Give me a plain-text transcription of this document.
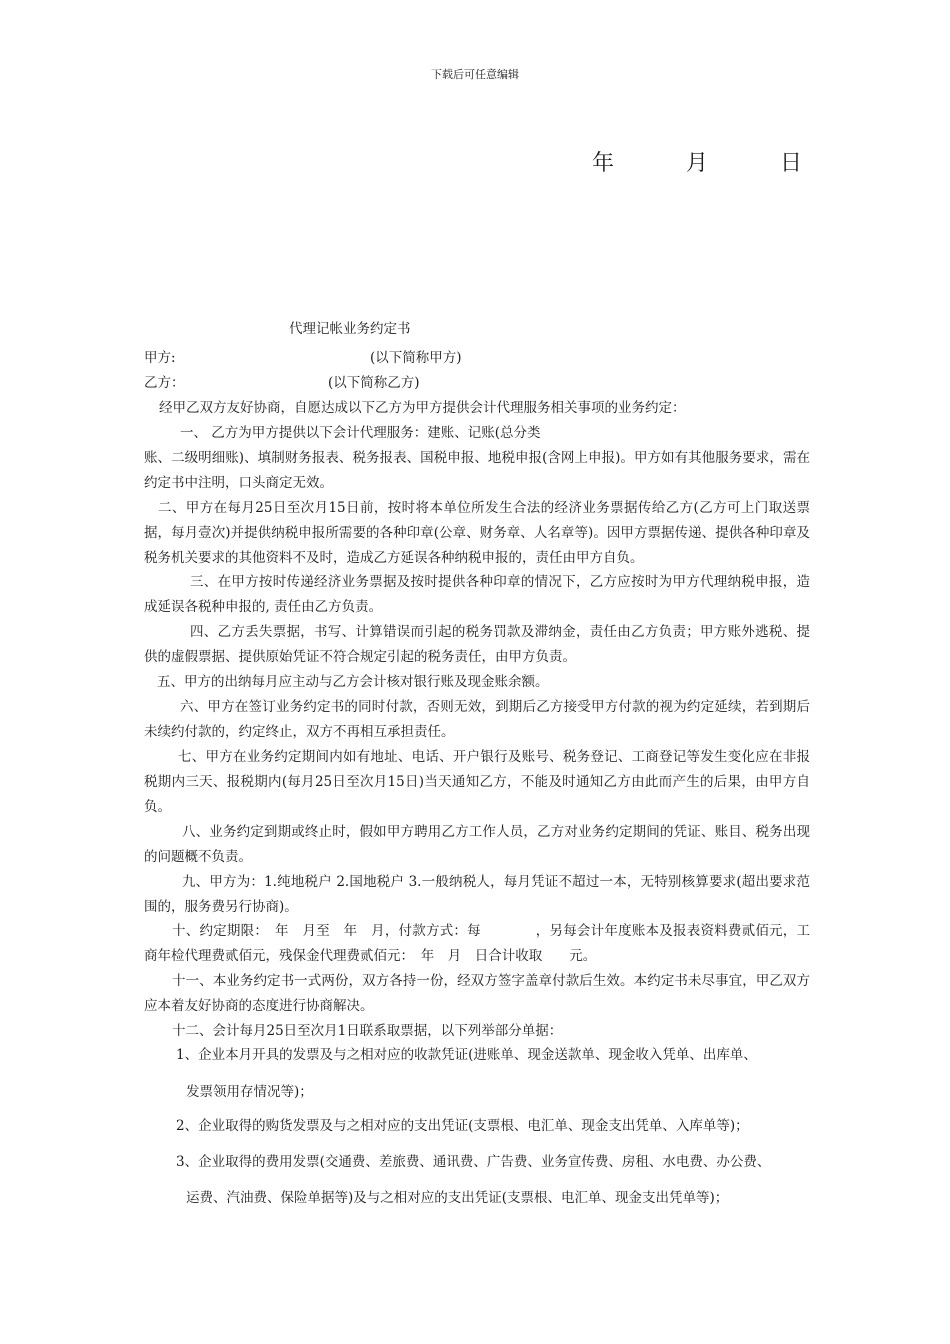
下载后可任意编辑
年	月	日
代理记帐业务约定书
甲方:	(以下简称甲方)
乙方：	(以下简称乙方)
经甲乙双方友好协商，自愿达成以下乙方为甲方提供会计代理服务相关事项的业务约定：
一、 乙方为甲方提供以下会计代理服务：建账、记账(总分类
账、二级明细账)、填制财务报表、税务报表、国税申报、地税申报(含网上申报)。甲方如有其他服务要求，需在约定书中注明，口头商定无效。
二、甲方在每月25日至次月15日前，按时将本单位所发生合法的经济业务票据传给乙方(乙方可上门取送票据，每月壹次)并提供纳税申报所需要的各种印章(公章、财务章、人名章等)。因甲方票据传递、提供各种印章及税务机关要求的其他资料不及时，造成乙方延误各种纳税申报的，责任由甲方自负。
三、在甲方按时传递经济业务票据及按时提供各种印章的情况下，乙方应按时为甲方代理纳税申报，造成延误各税种申报的, 责任由乙方负责。
四、乙方丢失票据，书写、计算错误而引起的税务罚款及滞纳金，责任由乙方负责；甲方账外逃税、提供的虚假票据、提供原始凭证不符合规定引起的税务责任，由甲方负责。
五、甲方的出纳每月应主动与乙方会计核对银行账及现金账余额。
六、甲方在签订业务约定书的同时付款，否则无效，到期后乙方接受甲方付款的视为约定延续，若到期后未续约付款的，约定终止，双方不再相互承担责任。
七、甲方在业务约定期间内如有地址、电话、开户银行及账号、税务登记、工商登记等发生变化应在非报税期内三天、报税期内(每月25日至次月15日)当天通知乙方，不能及时通知乙方由此而产生的后果，由甲方自负。
八、业务约定到期或终止时，假如甲方聘用乙方工作人员，乙方对业务约定期间的凭证、账目、税务出现的问题概不负责。
九、甲方为：1.纯地税户 2.国地税户 3.一般纳税人，每月凭证不超过一本，无特别核算要求(超出要求范围的，服务费另行协商)。
十、约定期限：　年　月至　年　月，付款方式：每　　　　，另每会计年度账本及报表资料费贰佰元，工商年检代理费贰佰元，残保金代理费贰佰元：　年　月　日合计收取　　元。
十一、本业务约定书一式两份，双方各持一份，经双方签字盖章付款后生效。本约定书未尽事宜，甲乙双方应本着友好协商的态度进行协商解决。
十二、会计每月25日至次月1日联系取票据，以下列举部分单据：
1、企业本月开具的发票及与之相对应的收款凭证(进账单、现金送款单、现金收入凭单、出库单、
发票领用存情况等)；
2、企业取得的购货发票及与之相对应的支出凭证(支票根、电汇单、现金支出凭单、入库单等)；
3、企业取得的费用发票(交通费、差旅费、通讯费、广告费、业务宣传费、房租、水电费、办公费、
运费、汽油费、保险单据等)及与之相对应的支出凭证(支票根、电汇单、现金支出凭单等)；
